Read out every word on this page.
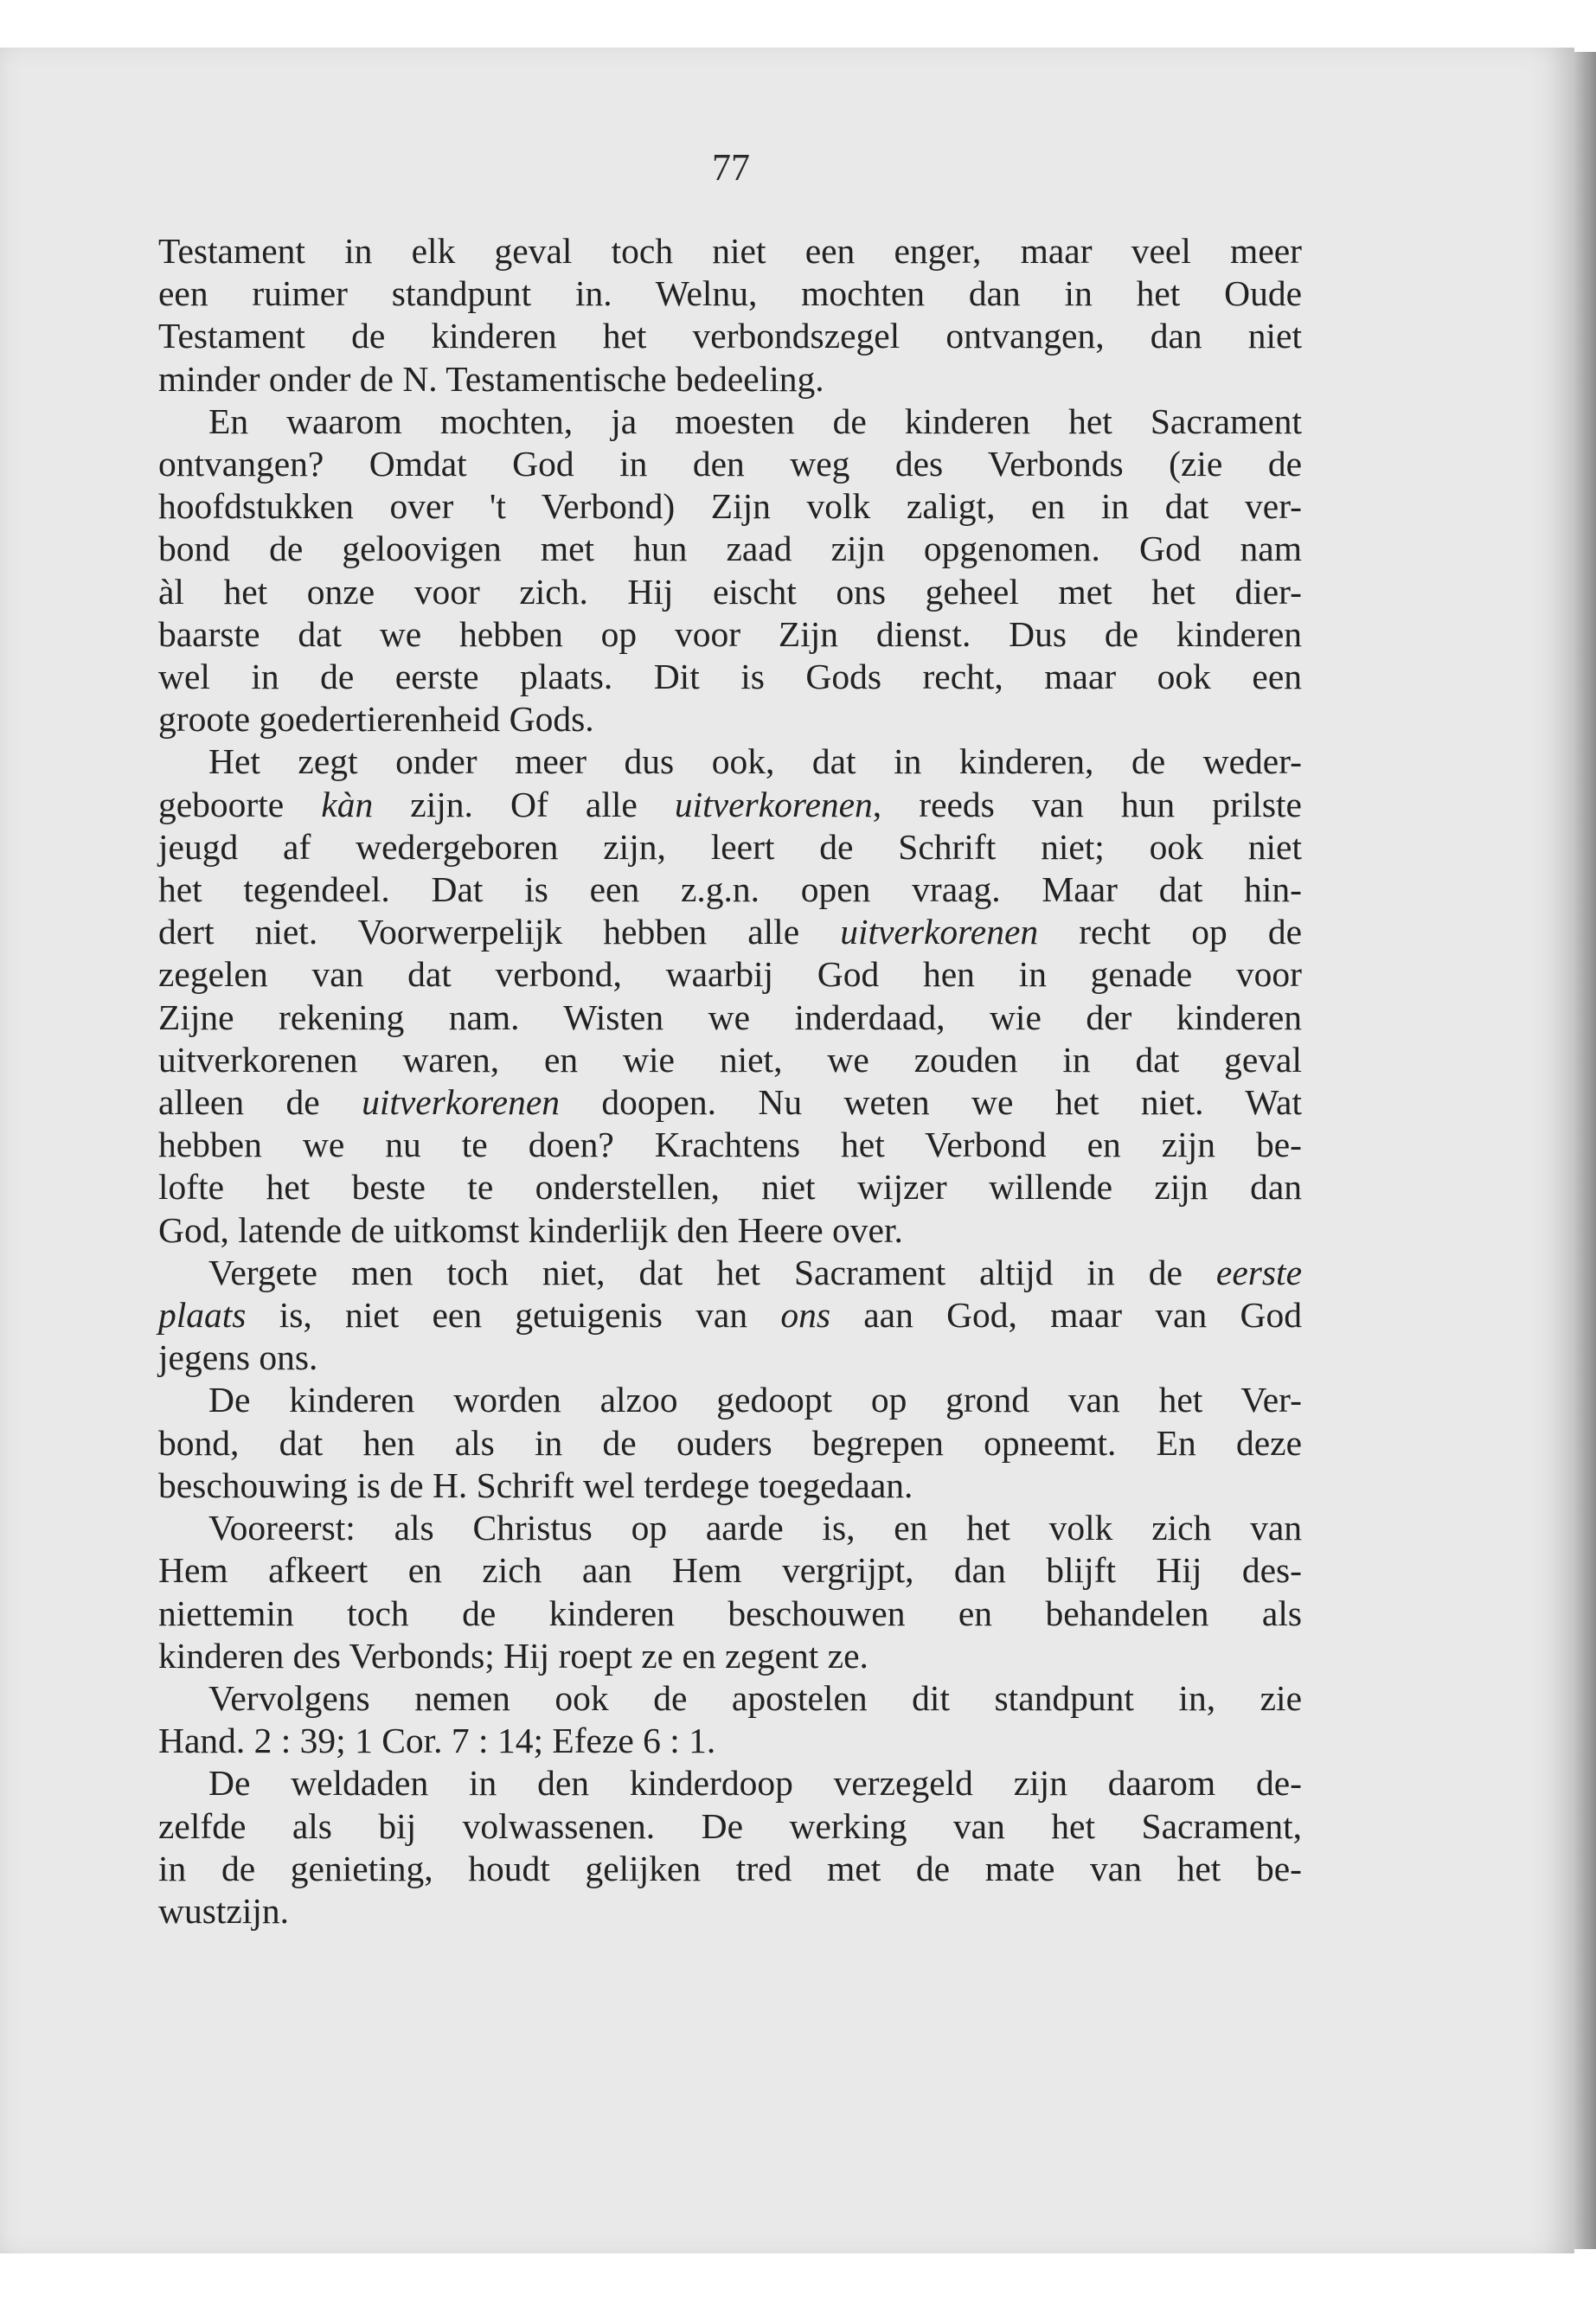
77
Testament in elk geval toch niet een enger, maar veel meer
een ruimer standpunt in. Welnu, mochten dan in het Oude
Testament de kinderen het verbondszegel ontvangen, dan niet
minder onder de N. Testamentische bedeeling.
En waarom mochten, ja moesten de kinderen het Sacrament
ontvangen? Omdat God in den weg des Verbonds (zie de
hoofdstukken over 't Verbond) Zijn volk zaligt, en in dat ver-
bond de geloovigen met hun zaad zijn opgenomen. God nam
àl het onze voor zich. Hij eischt ons geheel met het dier-
baarste dat we hebben op voor Zijn dienst. Dus de kinderen
wel in de eerste plaats. Dit is Gods recht, maar ook een
groote goedertierenheid Gods.
Het zegt onder meer dus ook, dat in kinderen, de weder-
geboorte kàn zijn. Of alle uitverkorenen, reeds van hun prilste
jeugd af wedergeboren zijn, leert de Schrift niet; ook niet
het tegendeel. Dat is een z.g.n. open vraag. Maar dat hin-
dert niet. Voorwerpelijk hebben alle uitverkorenen recht op de
zegelen van dat verbond, waarbij God hen in genade voor
Zijne rekening nam. Wisten we inderdaad, wie der kinderen
uitverkorenen waren, en wie niet, we zouden in dat geval
alleen de uitverkorenen doopen. Nu weten we het niet. Wat
hebben we nu te doen? Krachtens het Verbond en zijn be-
lofte het beste te onderstellen, niet wijzer willende zijn dan
God, latende de uitkomst kinderlijk den Heere over.
Vergete men toch niet, dat het Sacrament altijd in de eerste
plaats is, niet een getuigenis van ons aan God, maar van God
jegens ons.
De kinderen worden alzoo gedoopt op grond van het Ver-
bond, dat hen als in de ouders begrepen opneemt. En deze
beschouwing is de H. Schrift wel terdege toegedaan.
Vooreerst: als Christus op aarde is, en het volk zich van
Hem afkeert en zich aan Hem vergrijpt, dan blijft Hij des-
niettemin toch de kinderen beschouwen en behandelen als
kinderen des Verbonds; Hij roept ze en zegent ze.
Vervolgens nemen ook de apostelen dit standpunt in, zie
Hand. 2 : 39; 1 Cor. 7 : 14; Efeze 6 : 1.
De weldaden in den kinderdoop verzegeld zijn daarom de-
zelfde als bij volwassenen. De werking van het Sacrament,
in de genieting, houdt gelijken tred met de mate van het be-
wustzijn.
